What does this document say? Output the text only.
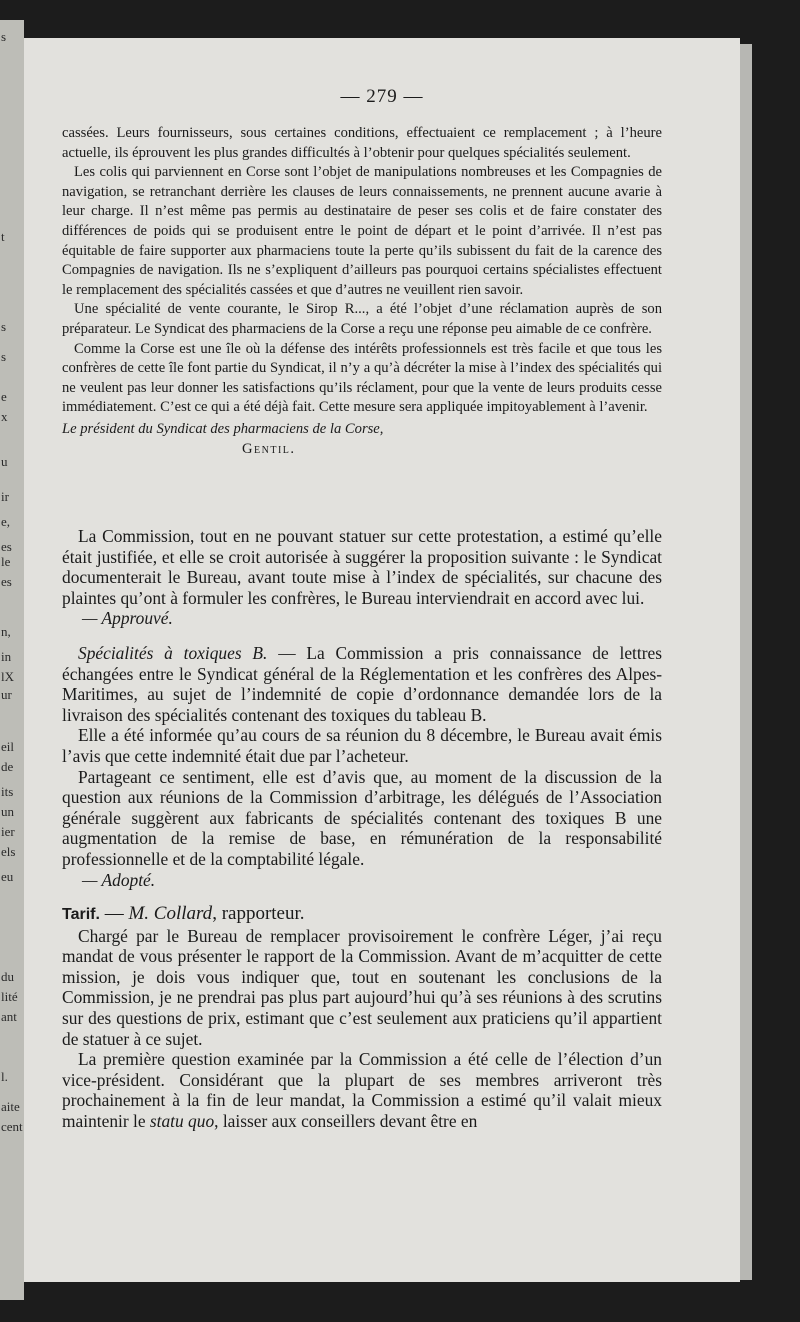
s
t
s
s
e
x
u
ir
e,
es
le
es
n,
in
lX
ur
eil
de
its
un
ier
els
eu
du
lité
ant
l.
aite
cent
— 279 —

cassées. Leurs fournisseurs, sous certaines conditions, effectuaient ce remplacement ; à l’heure actuelle, ils éprouvent les plus grandes difficultés à l’obtenir pour quelques spécialités seulement.

Les colis qui parviennent en Corse sont l’objet de manipulations nombreuses et les Compagnies de navigation, se retranchant derrière les clauses de leurs connaissements, ne prennent aucune avarie à leur charge. Il n’est même pas permis au destinataire de peser ses colis et de faire constater des différences de poids qui se produisent entre le point de départ et le point d’arrivée. Il n’est pas équitable de faire supporter aux pharmaciens toute la perte qu’ils subissent du fait de la carence des Compagnies de navigation. Ils ne s’expliquent d’ailleurs pas pourquoi certains spécialistes effectuent le remplacement des spécialités cassées et que d’autres ne veuillent rien savoir.

Une spécialité de vente courante, le Sirop R..., a été l’objet d’une réclamation auprès de son préparateur. Le Syndicat des pharmaciens de la Corse a reçu une réponse peu aimable de ce confrère.

Comme la Corse est une île où la défense des intérêts professionnels est très facile et que tous les confrères de cette île font partie du Syndicat, il n’y a qu’à décréter la mise à l’index des spécialités qui ne veulent pas leur donner les satisfactions qu’ils réclament, pour que la vente de leurs produits cesse immédiatement. C’est ce qui a été déjà fait. Cette mesure sera appliquée impitoyablement à l’avenir.

Le président du Syndicat des pharmaciens de la Corse,

Gentil.

La Commission, tout en ne pouvant statuer sur cette protestation, a estimé qu’elle était justifiée, et elle se croit autorisée à suggérer la proposition suivante : le Syndicat documenterait le Bureau, avant toute mise à l’index de spécialités, sur chacune des plaintes qu’ont à formuler les confrères, le Bureau interviendrait en accord avec lui.

— Approuvé.

Spécialités à toxiques B. — La Commission a pris connaissance de lettres échangées entre le Syndicat général de la Réglementation et les confrères des Alpes-Maritimes, au sujet de l’indemnité de copie d’ordonnance demandée lors de la livraison des spécialités contenant des toxiques du tableau B.

Elle a été informée qu’au cours de sa réunion du 8 décembre, le Bureau avait émis l’avis que cette indemnité était due par l’acheteur.

Partageant ce sentiment, elle est d’avis que, au moment de la discussion de la question aux réunions de la Commission d’arbitrage, les délégués de l’Association générale suggèrent aux fabricants de spécialités contenant des toxiques B une augmentation de la remise de base, en rémunération de la responsabilité professionnelle et de la comptabilité légale.

— Adopté.

Tarif. — M. Collard, rapporteur.

Chargé par le Bureau de remplacer provisoirement le confrère Léger, j’ai reçu mandat de vous présenter le rapport de la Commission. Avant de m’acquitter de cette mission, je dois vous indiquer que, tout en soutenant les conclusions de la Commission, je ne prendrai pas plus part aujourd’hui qu’à ses réunions à des scrutins sur des questions de prix, estimant que c’est seulement aux praticiens qu’il appartient de statuer à ce sujet.

La première question examinée par la Commission a été celle de l’élection d’un vice-président. Considérant que la plupart de ses membres arriveront très prochainement à la fin de leur mandat, la Commission a estimé qu’il valait mieux maintenir le statu quo, laisser aux conseillers devant être en
